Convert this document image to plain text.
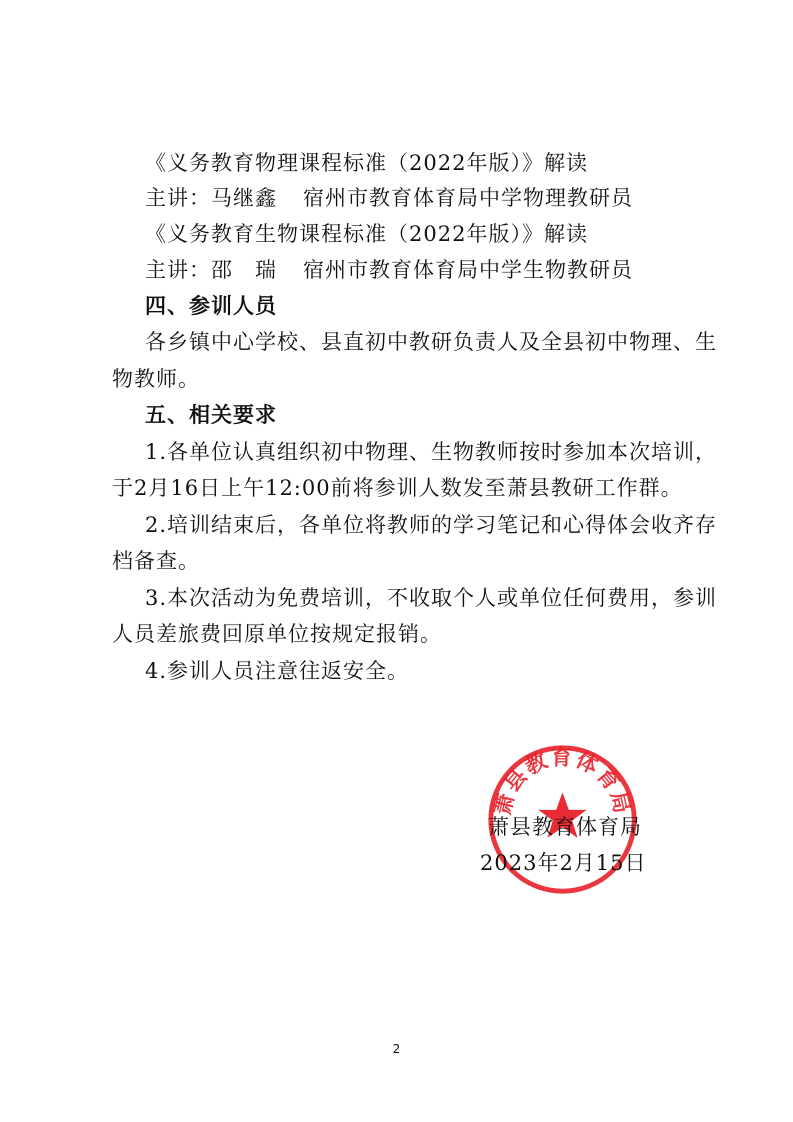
《义务教育物理课程标准（2022年版）》解读
主讲：马继鑫 宿州市教育体育局中学物理教研员
《义务教育生物课程标准（2022年版）》解读
主讲：邵　瑞 宿州市教育体育局中学生物教研员
四、参训人员
各乡镇中心学校、县直初中教研负责人及全县初中物理、生
物教师。
五、相关要求
1.各单位认真组织初中物理、生物教师按时参加本次培训，
于2月16日上午12:00前将参训人数发至萧县教研工作群。
2.培训结束后，各单位将教师的学习笔记和心得体会收齐存
档备查。
3.本次活动为免费培训，不收取个人或单位任何费用，参训
人员差旅费回原单位按规定报销。
4.参训人员注意往返安全。
萧县教育体育局
萧县教育体育局
2023年2月15日
2
